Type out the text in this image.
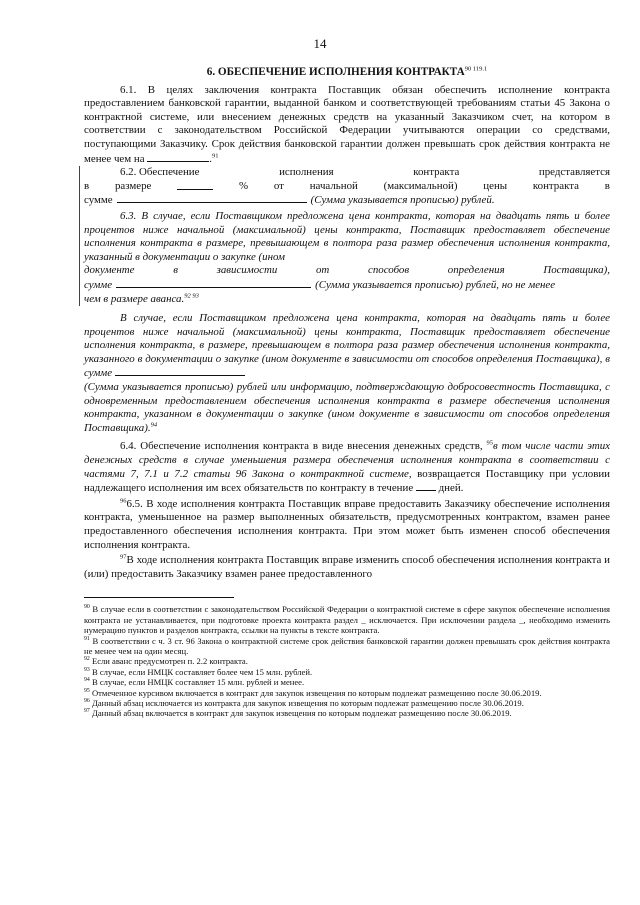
14
6. ОБЕСПЕЧЕНИЕ ИСПОЛНЕНИЯ $КОНТРАКТА^{90 119.1}$

6.1. В целях заключения контракта Поставщик обязан обеспечить исполнение контракта предоставлением банковской гарантии, выданной банком и соответствующей требованиям статьи 45 Закона о контрактной системе, или внесением денежных средств на указанный Заказчиком счет, на котором в соответствии с законодательством Российской Федерации учитываются операции со средствами, поступающими Заказчику. Срок действия банковской гарантии должен превышать срок действия контракта не менее чем на	.$^{91}$

6.2. Обеспечение	исполнения	контракта	представляется
в размере	% от начальной (максимальной) цены контракта в
сумме	(Сумма указывается прописью) рублей.

6.3. В случае, если Поставщиком предложена цена контракта, которая на двадцать пять и более процентов ниже начальной (максимальной) цены контракта, Поставщик предоставляет обеспечение исполнения контракта в размере, превышающем в полтора раза размер обеспечения исполнения контракта, указанный в документации о закупке (ином

документе	в	зависимости	от	способов	определения	Поставщика),
сумме	(Сумма указывается прописью) рублей, но не менее
чем в размере аванса.$^{92 93}$

В случае, если Поставщиком предложена цена контракта, которая на двадцать пять и более процентов ниже начальной (максимальной) цены контракта, Поставщик предоставляет обеспечение исполнения контракта, в размере, превышающем в полтора раза размер обеспечения исполнения контракта, указанного в документации о закупке (ином документе в зависимости от способов определения Поставщика), в сумме

(Сумма указывается прописью) рублей или информацию, подтверждающую добросовестность Поставщика, с одновременным предоставлением обеспечения исполнения контракта в размере обеспечения исполнения контракта, указанном в документации о закупке (ином документе в зависимости от способов определения Поставщика).$^{94}$

6.4. Обеспечение исполнения контракта в виде внесения денежных средств, $^{95}$в том числе части этих денежных средств в случае уменьшения размера обеспечения исполнения контракта в соответствии с частями 7, 7.1 и 7.2 статьи 96 Закона о контрактной системе, возвращается Поставщику при условии надлежащего исполнения им всех обязательств по контракту в течение дней.

$^{96}$6.5. В ходе исполнения контракта Поставщик вправе предоставить Заказчику обеспечение исполнения контракта, уменьшенное на размер выполненных обязательств, предусмотренных контрактом, взамен ранее предоставленного обеспечения исполнения контракта. При этом может быть изменен способ обеспечения исполнения контракта.

$^{97}$В ходе исполнения контракта Поставщик вправе изменить способ обеспечения исполнения контракта и (или) предоставить Заказчику взамен ранее предоставленного

$^{90}$ В случае если в соответствии с законодательством Российской Федерации о контрактной системе в сфере закупок обеспечение исполнения контракта не устанавливается, при подготовке проекта контракта раздел _ исключается. При исключении раздела _, необходимо изменить нумерацию пунктов и разделов контракта, ссылки на пункты в тексте контракта.

$^{91}$ В соответствии с ч. 3 ст. 96 Закона о контрактной системе срок действия банковской гарантии должен превышать срок действия контракта не менее чем на один месяц.

$^{92}$ Если аванс предусмотрен п. 2.2 контракта.

$^{93}$ В случае, если НМЦК составляет более чем 15 млн. рублей.

$^{94}$ В случае, если НМЦК составляет 15 млн. рублей и менее.

$^{95}$ Отмеченное курсивом включается в контракт для закупок извещения по которым подлежат размещению после 30.06.2019.

$^{96}$ Данный абзац исключается из контракта для закупок извещения по которым подлежат размещению после 30.06.2019.

$^{97}$ Данный абзац включается в контракт для закупок извещения по которым подлежат размещению после 30.06.2019.
